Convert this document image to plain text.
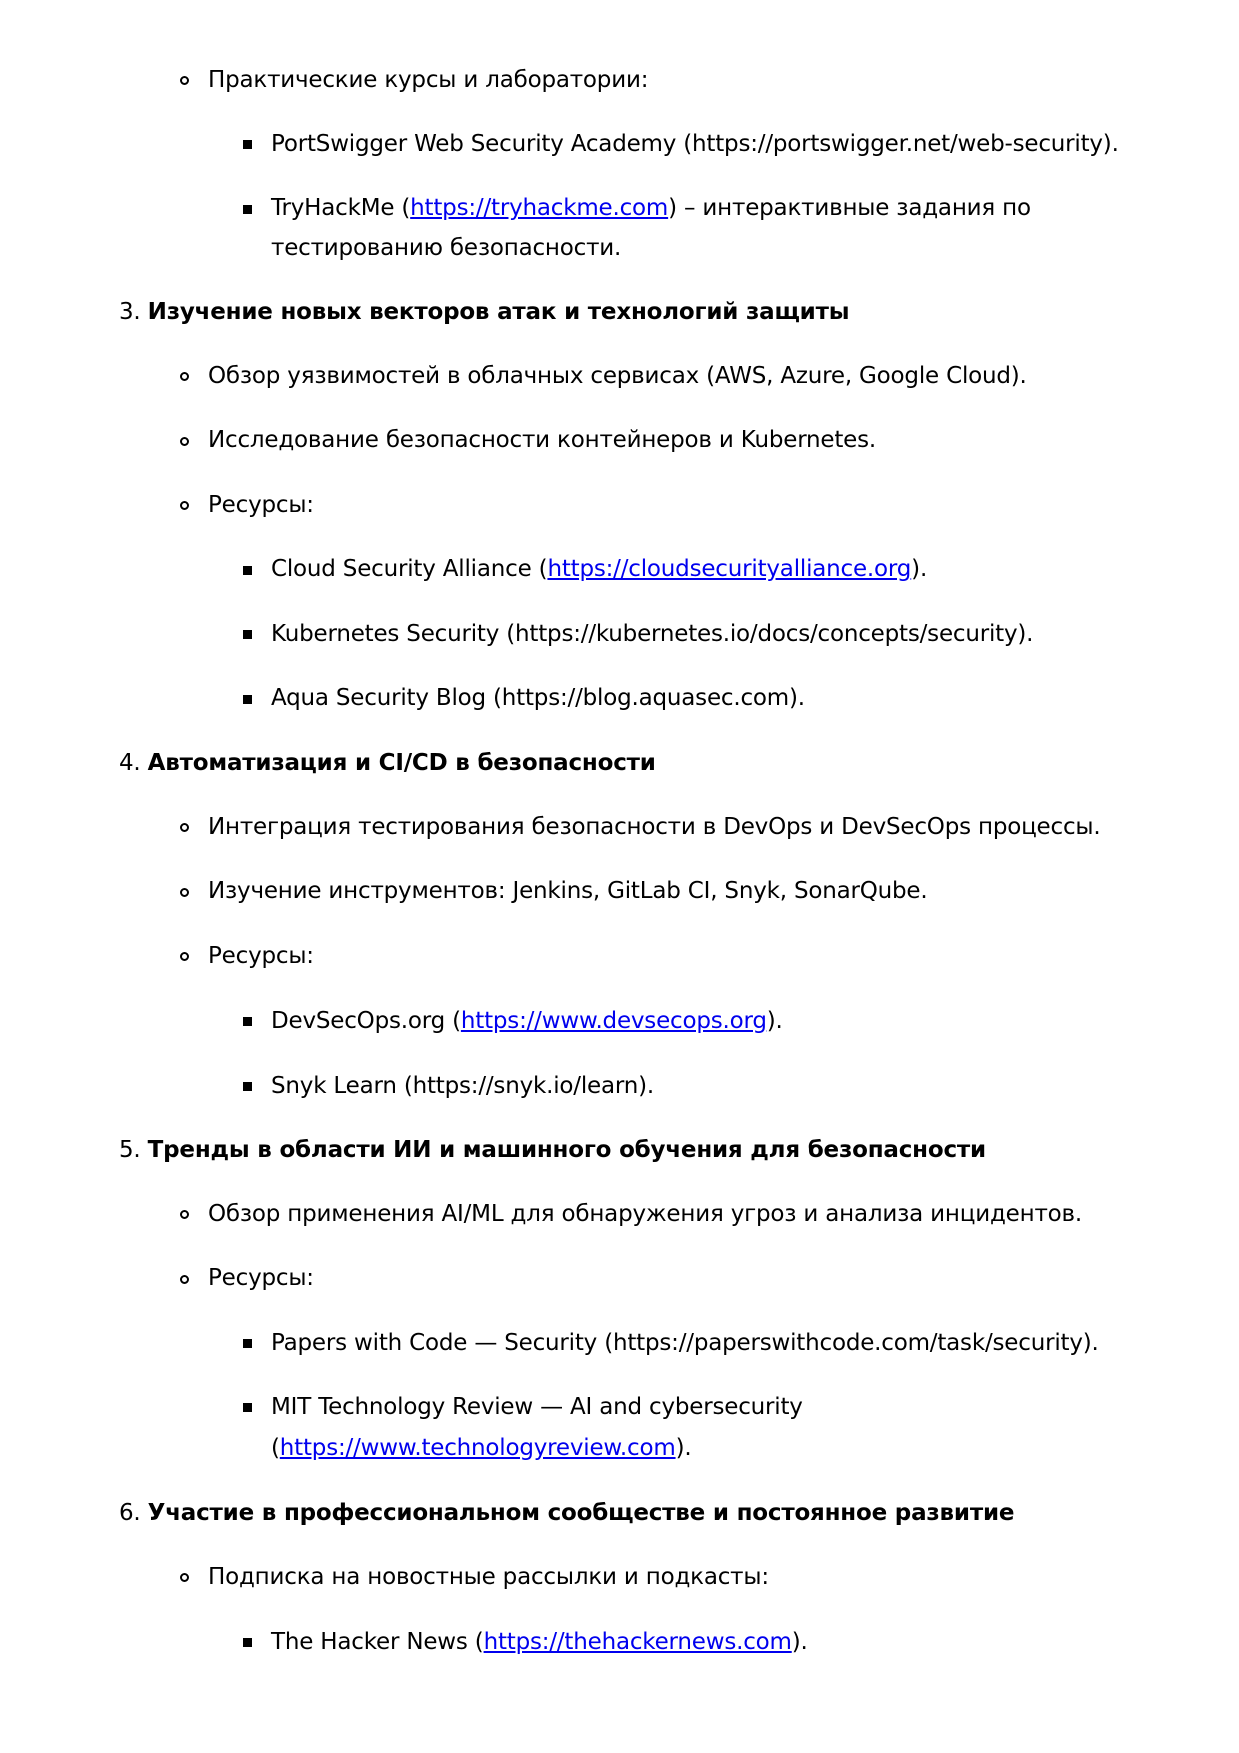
Практические курсы и лаборатории:
PortSwigger Web Security Academy (https://portswigger.net/web-security).
TryHackMe (https://tryhackme.com) – интерактивные задания по
тестированию безопасности.
3. Изучение новых векторов атак и технологий защиты
Обзор уязвимостей в облачных сервисах (AWS, Azure, Google Cloud).
Исследование безопасности контейнеров и Kubernetes.
Ресурсы:
Cloud Security Alliance (https://cloudsecurityalliance.org).
Kubernetes Security (https://kubernetes.io/docs/concepts/security).
Aqua Security Blog (https://blog.aquasec.com).
4. Автоматизация и CI/CD в безопасности
Интеграция тестирования безопасности в DevOps и DevSecOps процессы.
Изучение инструментов: Jenkins, GitLab CI, Snyk, SonarQube.
Ресурсы:
DevSecOps.org (https://www.devsecops.org).
Snyk Learn (https://snyk.io/learn).
5. Тренды в области ИИ и машинного обучения для безопасности
Обзор применения AI/ML для обнаружения угроз и анализа инцидентов.
Ресурсы:
Papers with Code — Security (https://paperswithcode.com/task/security).
MIT Technology Review — AI and cybersecurity
(https://www.technologyreview.com).
6. Участие в профессиональном сообществе и постоянное развитие
Подписка на новостные рассылки и подкасты:
The Hacker News (https://thehackernews.com).
